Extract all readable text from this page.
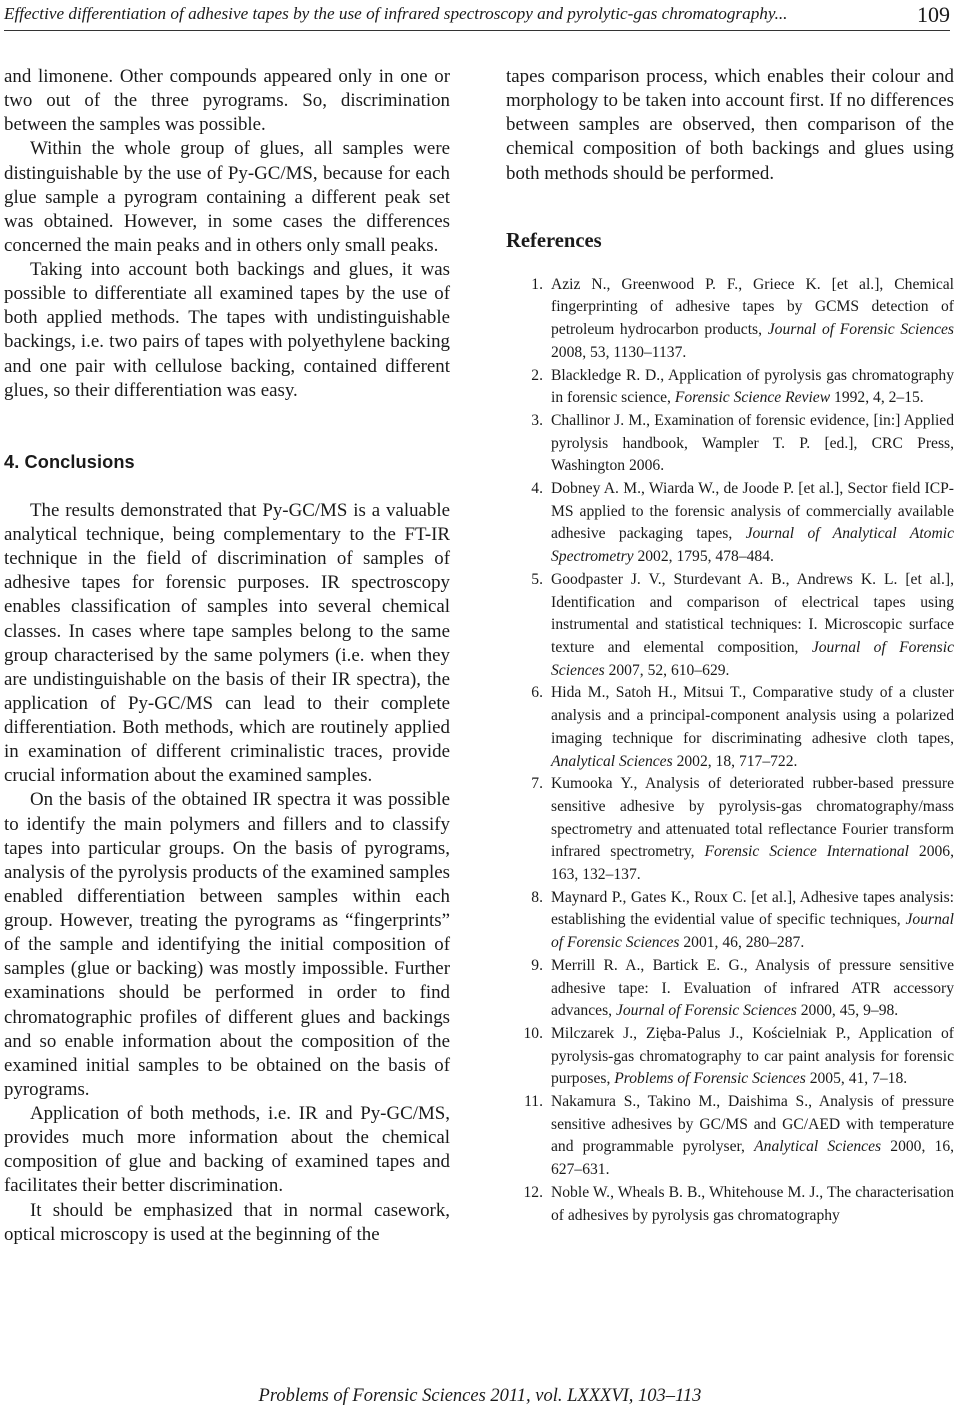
Effective differentiation of adhesive tapes by the use of infrared spectroscopy and pyrolytic-gas chromatography...	109

and limonene. Other compounds appeared only in one or two out of the three pyrograms. So, discrimination between the samples was possible.

Within the whole group of glues, all samples were distinguishable by the use of Py-GC/MS, because for each glue sample a pyrogram containing a different peak set was obtained. However, in some cases the differences concerned the main peaks and in others only small peaks.

Taking into account both backings and glues, it was possible to differentiate all examined tapes by the use of both applied methods. The tapes with undistinguishable backings, i.e. two pairs of tapes with polyethylene backing and one pair with cellulose backing, contained different glues, so their differentiation was easy.

4. Conclusions

The results demonstrated that Py-GC/MS is a valuable analytical technique, being complementary to the FT-IR technique in the field of discrimination of samples of adhesive tapes for forensic purposes. IR spectroscopy enables classification of samples into several chemical classes. In cases where tape samples belong to the same group characterised by the same polymers (i.e. when they are undistinguishable on the basis of their IR spectra), the application of Py-GC/MS can lead to their complete differentiation. Both methods, which are routinely applied in examination of different criminalistic traces, provide crucial information about the examined samples.

On the basis of the obtained IR spectra it was possible to identify the main polymers and fillers and to classify tapes into particular groups. On the basis of pyrograms, analysis of the pyrolysis products of the examined samples enabled differentiation between samples within each group. However, treating the pyrograms as “fingerprints” of the sample and identifying the initial composition of samples (glue or backing) was mostly impossible. Further examinations should be performed in order to find chromatographic profiles of different glues and backings and so enable information about the composition of the examined initial samples to be obtained on the basis of pyrograms.

Application of both methods, i.e. IR and Py-GC/MS, provides much more information about the chemical composition of glue and backing of examined tapes and facilitates their better discrimination.

It should be emphasized that in normal casework, optical microscopy is used at the beginning of the

tapes comparison process, which enables their colour and morphology to be taken into account first. If no differences between samples are observed, then comparison of the chemical composition of both backings and glues using both methods should be performed.

References
1. Aziz N., Greenwood P. F., Griece K. [et al.], Chemical fingerprinting of adhesive tapes by GCMS detection of petroleum hydrocarbon products, Journal of Forensic Sciences 2008, 53, 1130–1137.
2. Blackledge R. D., Application of pyrolysis gas chromatography in forensic science, Forensic Science Review 1992, 4, 2–15.
3. Challinor J. M., Examination of forensic evidence, [in:] Applied pyrolysis handbook, Wampler T. P. [ed.], CRC Press, Washington 2006.
4. Dobney A. M., Wiarda W., de Joode P. [et al.], Sector field ICP-MS applied to the forensic analysis of commercially available adhesive packaging tapes, Journal of Analytical Atomic Spectrometry 2002, 1795, 478–484.
5. Goodpaster J. V., Sturdevant A. B., Andrews K. L. [et al.], Identification and comparison of electrical tapes using instrumental and statistical techniques: I. Microscopic surface texture and elemental composition, Journal of Forensic Sciences 2007, 52, 610–629.
6. Hida M., Satoh H., Mitsui T., Comparative study of a cluster analysis and a principal-component analysis using a polarized imaging technique for discriminating adhesive cloth tapes, Analytical Sciences 2002, 18, 717–722.
7. Kumooka Y., Analysis of deteriorated rubber-based pressure sensitive adhesive by pyrolysis-gas chromatography/mass spectrometry and attenuated total reflectance Fourier transform infrared spectrometry, Forensic Science International 2006, 163, 132–137.
8. Maynard P., Gates K., Roux C. [et al.], Adhesive tapes analysis: establishing the evidential value of specific techniques, Journal of Forensic Sciences 2001, 46, 280–287.
9. Merrill R. A., Bartick E. G., Analysis of pressure sensitive adhesive tape: I. Evaluation of infrared ATR accessory advances, Journal of Forensic Sciences 2000, 45, 9–98.
10. Milczarek J., Zięba-Palus J., Kościelniak P., Application of pyrolysis-gas chromatography to car paint analysis for forensic purposes, Problems of Forensic Sciences 2005, 41, 7–18.
11. Nakamura S., Takino M., Daishima S., Analysis of pressure sensitive adhesives by GC/MS and GC/AED with temperature and programmable pyrolyser, Analytical Sciences 2000, 16, 627–631.
12. Noble W., Wheals B. B., Whitehouse M. J., The characterisation of adhesives by pyrolysis gas chromatography
Problems of Forensic Sciences 2011, vol. LXXXVI, 103–113
